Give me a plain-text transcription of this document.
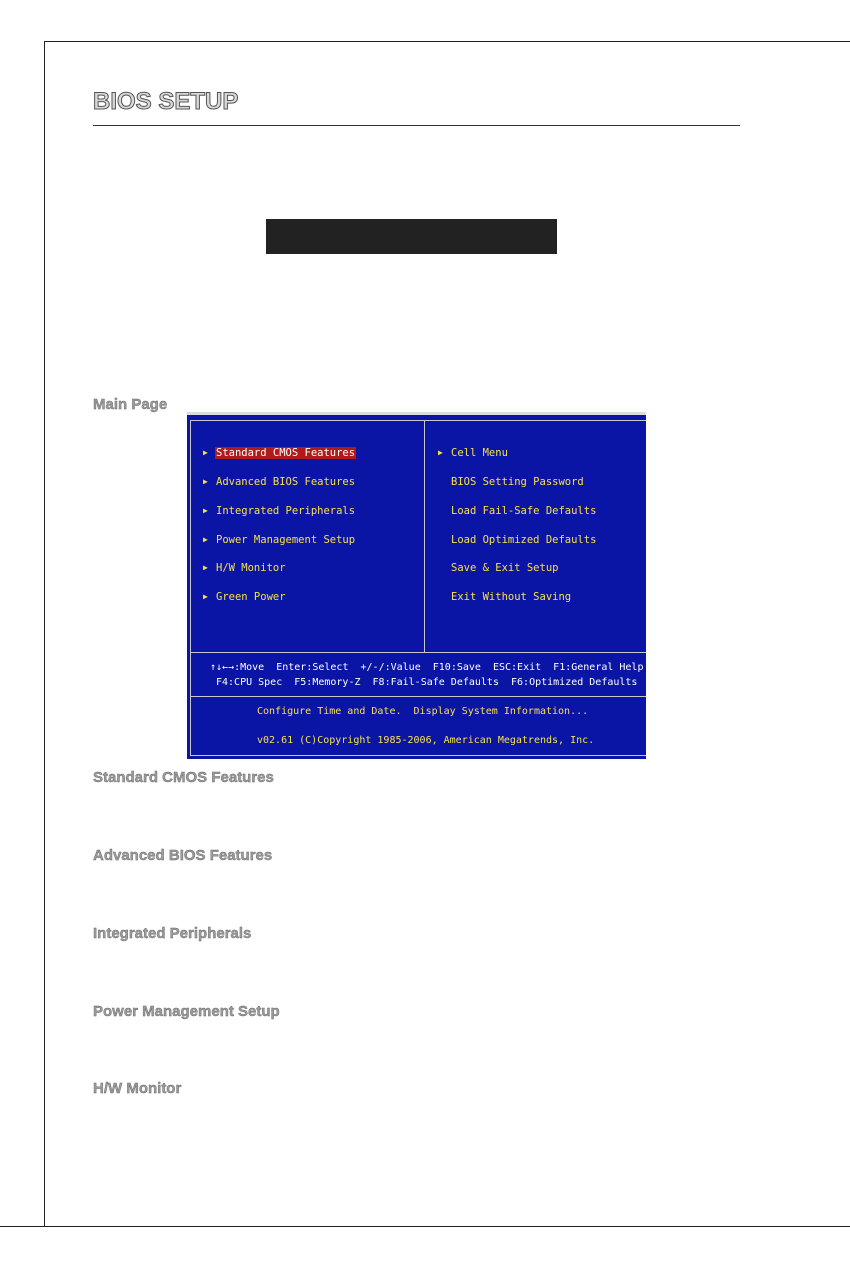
BIOS SETUP
Main Page
▶ Standard CMOS Features
▶ Advanced BIOS Features
▶ Integrated Peripherals
▶ Power Management Setup
▶ H/W Monitor
▶ Green Power
▶ Cell Menu
BIOS Setting Password
Load Fail-Safe Defaults
Load Optimized Defaults
Save & Exit Setup
Exit Without Saving
↑↓←→:Move  Enter:Select  +/-/:Value  F10:Save  ESC:Exit  F1:General Help
F4:CPU Spec  F5:Memory-Z  F8:Fail-Safe Defaults  F6:Optimized Defaults
Configure Time and Date.  Display System Information...
v02.61 (C)Copyright 1985-2006, American Megatrends, Inc.
Standard CMOS Features
Advanced BIOS Features
Integrated Peripherals
Power Management Setup
H/W Monitor
